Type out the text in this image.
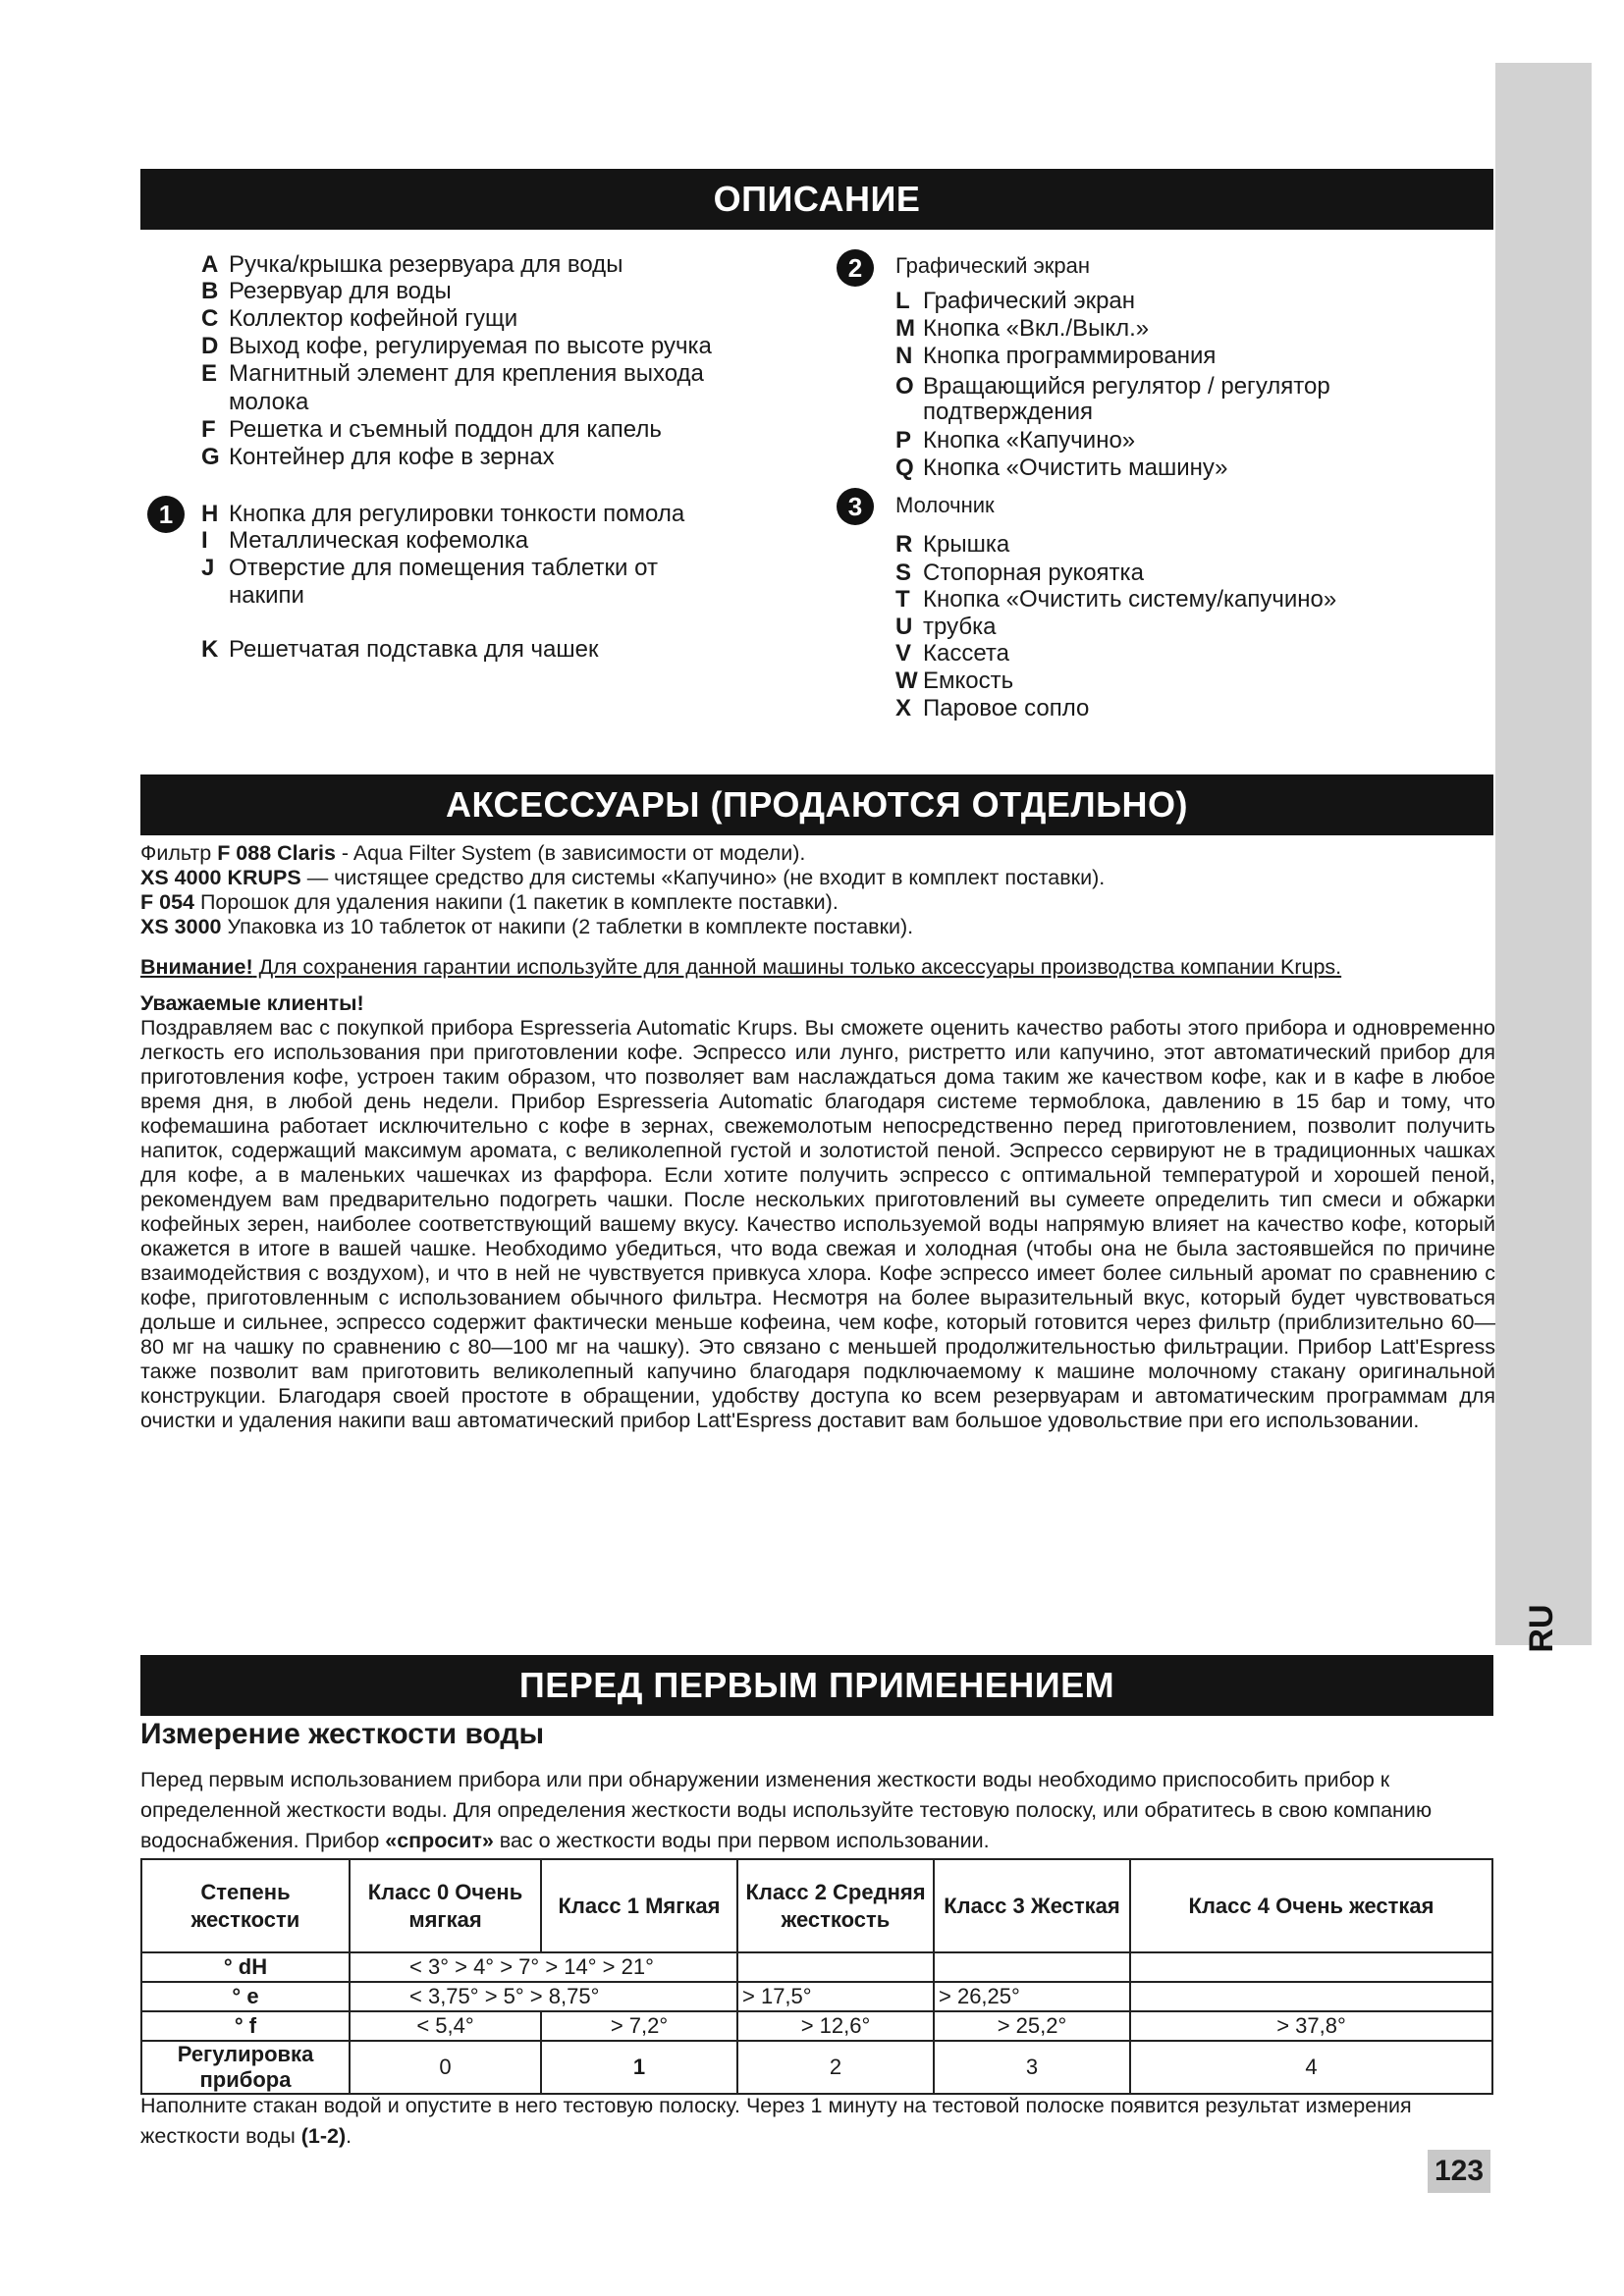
RU
ОПИСАНИЕ
A Ручка/крышка резервуара для воды
B Резервуар для воды
C Коллектор кофейной гущи
D Выход кофе, регулируемая по высоте ручка
E Магнитный элемент для крепления выхода
молока
F Решетка и съемный поддон для капель
G Контейнер для кофе в зернах
H Кнопка для регулировки тонкости помола
I Металлическая кофемолка
J Отверстие для помещения таблетки от
накипи
K Решетчатая подставка для чашек
1
2
3
Графический экран
Молочник
L Графический экран
M Кнопка «Вкл./Выкл.»
N Кнопка программирования
O Вращающийся регулятор / регулятор
подтверждения
P Кнопка «Капучино»
Q Кнопка «Очистить машину»
R Крышка
S Стопорная рукоятка
T Кнопка «Очистить систему/капучино»
U трубка
V Кассета
W Емкость
X Паровое сопло
АКСЕССУАРЫ (ПРОДАЮТСЯ ОТДЕЛЬНО)
Фильтр F 088 Claris - Aqua Filter System (в зависимости от модели).
XS 4000 KRUPS — чистящее средство для системы «Капучино» (не входит в комплект поставки).
F 054 Порошок для удаления накипи (1 пакетик в комплекте поставки).
XS 3000 Упаковка из 10 таблеток от накипи (2 таблетки в комплекте поставки).
Внимание! Для сохранения гарантии используйте для данной машины только аксессуары производства компании Krups.
Уважаемые клиенты!
Поздравляем вас с покупкой прибора Espresseria Automatic Krups. Вы сможете оценить качество работы этого прибора и одновременно легкость его использования при приготовлении кофе. Эспрессо или лунго, ристретто или капучино, этот автоматический прибор для приготовления кофе, устроен таким образом, что позволяет вам наслаждаться дома таким же качеством кофе, как и в кафе в любое время дня, в любой день недели. Прибор Espresseria Automatic благодаря системе термоблока, давлению в 15 бар и тому, что кофемашина работает исключительно с кофе в зернах, свежемолотым непосредственно перед приготовлением, позволит получить напиток, содержащий максимум аромата, с великолепной густой и золотистой пеной. Эспрессо сервируют не в традиционных чашках для кофе, а в маленьких чашечках из фарфора. Если хотите получить эспрессо с оптимальной температурой и хорошей пеной, рекомендуем вам предварительно подогреть чашки. После нескольких приготовлений вы сумеете определить тип смеси и обжарки кофейных зерен, наиболее соответствующий вашему вкусу. Качество используемой воды напрямую влияет на качество кофе, который окажется в итоге в вашей чашке. Необходимо убедиться, что вода свежая и холодная (чтобы она не была застоявшейся по причине взаимодействия с воздухом), и что в ней не чувствуется привкуса хлора. Кофе эспрессо имеет более сильный аромат по сравнению с кофе, приготовленным с использованием обычного фильтра. Несмотря на более выразительный вкус, который будет чувствоваться дольше и сильнее, эспрессо содержит фактически меньше кофеина, чем кофе, который готовится через фильтр (приблизительно 60—80 мг на чашку по сравнению с 80—100 мг на чашку). Это связано с меньшей продолжительностью фильтрации. Прибор Latt'Espress также позволит вам приготовить великолепный капучино благодаря подключаемому к машине молочному стакану оригинальной конструкции. Благодаря своей простоте в обращении, удобству доступа ко всем резервуарам и автоматическим программам для очистки и удаления накипи ваш автоматический прибор Latt'Espress доставит вам большое удовольствие при его использовании.
ПЕРЕД ПЕРВЫМ ПРИМЕНЕНИЕМ
Измерение жесткости воды
Перед первым использованием прибора или при обнаружении изменения жесткости воды необходимо приспособить прибор к определенной жесткости воды. Для определения жесткости воды используйте тестовую полоску, или обратитесь в свою компанию водоснабжения. Прибор «спросит» вас о жесткости воды при первом использовании.
Степень жесткости	Класс 0 Очень мягкая	Класс 1 Мягкая	Класс 2 Средняя жесткость	Класс 3 Жесткая	Класс 4 Очень жесткая
° dH	< 3° > 4° > 7° > 14° > 21°				
° e	< 3,75° > 5° > 8,75°		> 17,5°	> 26,25°	
° f	< 5,4°	> 7,2°	> 12,6°	> 25,2°	> 37,8°
Регулировка прибора	0	1	2	3	4
Наполните стакан водой и опустите в него тестовую полоску. Через 1 минуту на тестовой полоске появится результат измерения жесткости воды (1-2).
123
